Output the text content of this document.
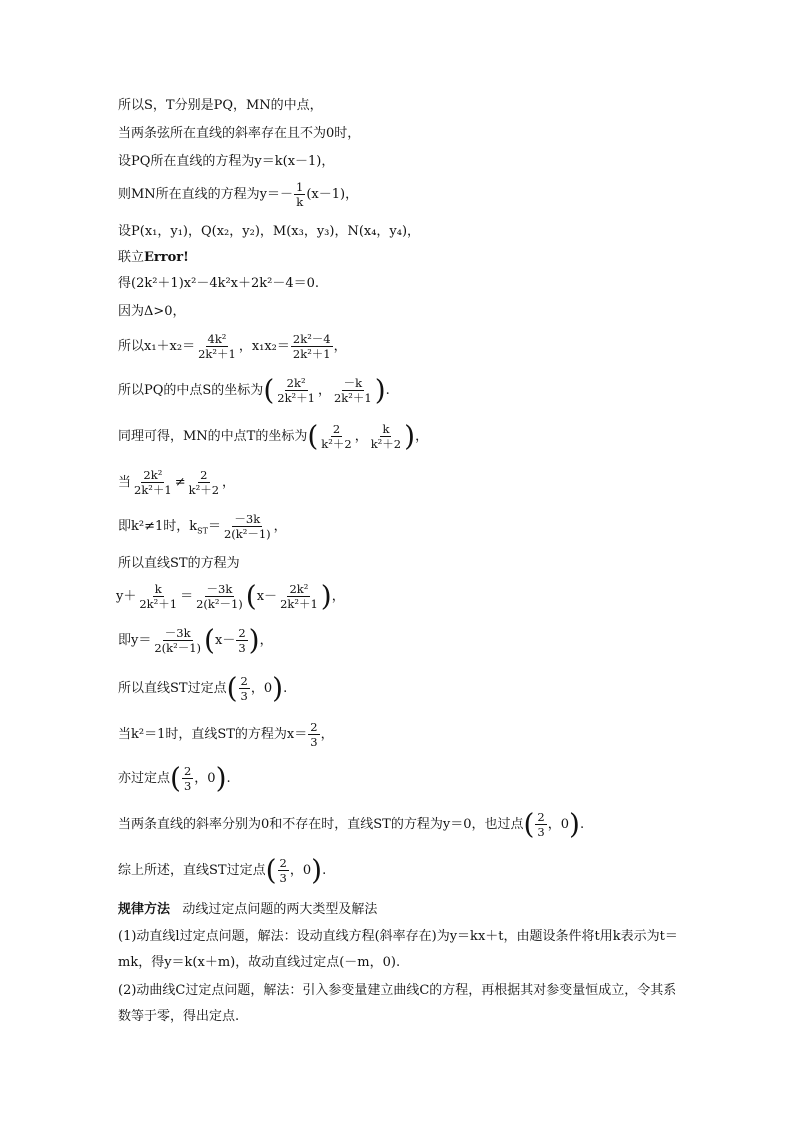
所以S，T分别是PQ，MN的中点，
当两条弦所在直线的斜率存在且不为0时，
设PQ所在直线的方程为y＝k(x－1)，
则MN所在直线的方程为$y=- \frac{1}{k} (x-1)$，
设P(x₁，y₁)，Q(x₂，y₂)，M(x₃，y₃)，N(x₄，y₄)，
联立Error!
得(2k²＋1)x²－4k²x＋2k²－4＝0.
因为Δ>0，
所以$x_1+x_2= \frac{\text{4k²}}{\text{2k²＋1}}$ ，$x_1x_2= \frac{\text{2k²－4}}{\text{2k²＋1}}$ ，
所以PQ的中点S的坐标为( $\frac{\text{2k²}}{\text{2k²＋1}}$ ， $\frac{-k}{\text{2k²＋1}}$ ).
同理可得，MN的中点T的坐标为( $\frac{2}{\text{k²＋2}}$ ， $\frac{k}{\text{k²＋2}}$ )，
当 $\frac{\text{2k²}}{\text{2k²＋1}} \ne \frac{2}{\text{k²＋2}}$ ，
即k²≠1时，$k_{ST}= \frac{-3k}{\text{2(k²－1)}}$ ，
所以直线ST的方程为
$y+ \frac{k}{\text{2k²＋1}} = \frac{-3k}{\text{2(k²－1)}} (x- \frac{\text{2k²}}{\text{2k²＋1}}$ )，
即$y= \frac{-3k}{\text{2(k²－1)}} (x- \frac{2}{3}$ )，
所以直线ST过定点( $\frac{2}{3}$ ，0).
当k²＝1时，直线ST的方程为$x= \frac{2}{3}$ ，
亦过定点( $\frac{2}{3}$ ，0).
当两条直线的斜率分别为0和不存在时，直线ST的方程为y＝0，也过点( $\frac{2}{3}$ ，0).
综上所述，直线ST过定点( $\frac{2}{3}$ ，0).
规律方法 动线过定点问题的两大类型及解法
(1)动直线l过定点问题，解法：设动直线方程(斜率存在)为y＝kx＋t，由题设条件将t用k表示为t＝mk，得y＝k(x＋m)，故动直线过定点(－m，0).
(2)动曲线C过定点问题，解法：引入参变量建立曲线C的方程，再根据其对参变量恒成立，令其系数等于零，得出定点.
